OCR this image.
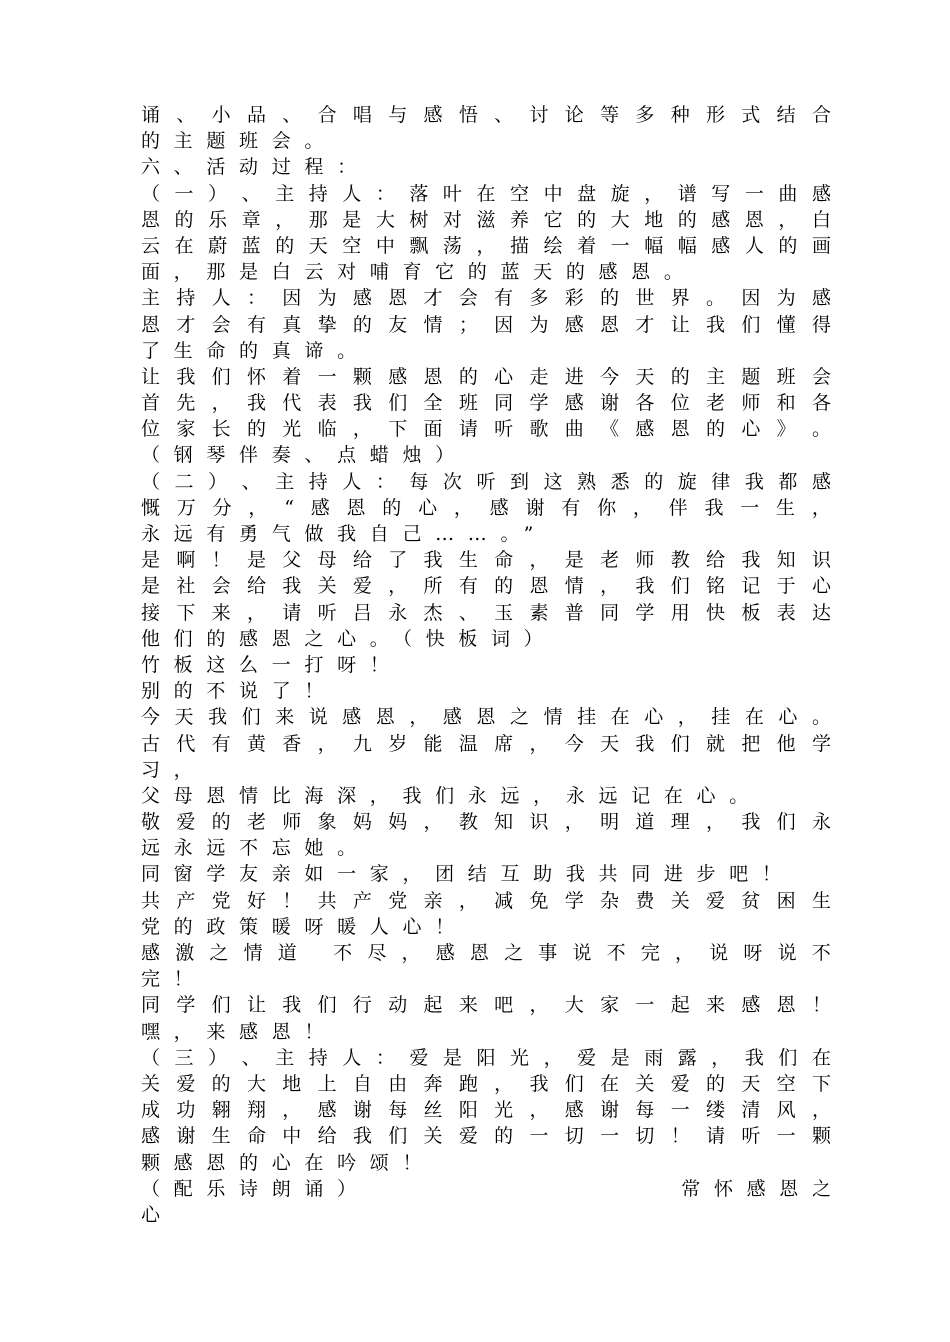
诵 、 小 品 、 合 唱 与 感 悟 、 讨 论 等 多 种 形 式 结 合
的主题班会。
六、活动过程：
（ 一 ） 、 主 持 人 ： 落 叶 在 空 中 盘 旋 ， 谱 写 一 曲 感
恩 的 乐 章 ， 那 是 大 树 对 滋 养 它 的 大 地 的 感 恩 ， 白
云 在 蔚 蓝 的 天 空 中 飘 荡 ， 描 绘 着 一 幅 幅 感 人 的 画
面，那是白云对哺育它的蓝天的感恩。
主 持 人 ： 因 为 感 恩 才 会 有 多 彩 的 世 界 。 因 为 感
恩 才 会 有 真 挚 的 友 情 ； 因 为 感 恩 才 让 我 们 懂 得
了生命的真谛。
让 我 们 怀 着 一 颗 感 恩 的 心 走 进 今 天 的 主 题 班 会
首 先 ， 我 代 表 我 们 全 班 同 学 感 谢 各 位 老 师 和 各
位 家 长 的 光 临 ， 下 面 请 听 歌 曲 《 感 恩 的 心 》 。
（钢琴伴奏、点蜡烛）
（ 二 ） 、 主 持 人 ： 每 次 听 到 这 熟 悉 的 旋 律 我 都 感
慨 万 分 ， “ 感 恩 的 心 ， 感 谢 有 你 ， 伴 我 一 生 ，
永远有勇气做我自己……。”
是 啊 ！ 是 父 母 给 了 我 生 命 ， 是 老 师 教 给 我 知 识
是 社 会 给 我 关 爱 ， 所 有 的 恩 情 ， 我 们 铭 记 于 心
接 下 来 ， 请 听 吕 永 杰 、 玉 素 普 同 学 用 快 板 表 达
他们的感恩之心。（快板词）
竹板这么一打呀！
别的不说了！
今 天 我 们 来 说 感 恩 ， 感 恩 之 情 挂 在 心 ， 挂 在 心 。
古 代 有 黄 香 ， 九 岁 能 温 席 ， 今 天 我 们 就 把 他 学
习，
父母恩情比海深，我们永远，永远记在心。
敬 爱 的 老 师 象 妈 妈 ， 教 知 识 ， 明 道 理 ， 我 们 永
远永远不忘她。
同窗学友亲如一家，团结互助我共同进步吧！
共 产 党 好 ！ 共 产 党 亲 ， 减 免 学 杂 费 关 爱 贫 困 生
党的政策暖呀暖人心！
感 激 之 情 道
不 尽 ， 感 恩 之 事 说 不 完 ， 说 呀 说 不
完！
同 学 们 让 我 们 行 动 起 来 吧 ， 大 家 一 起 来 感 恩 ！
嘿，来感恩！
（ 三 ） 、 主 持 人 ： 爱 是 阳 光 ， 爱 是 雨 露 ， 我 们 在
关 爱 的 大 地 上 自 由 奔 跑 ， 我 们 在 关 爱 的 天 空 下
成 功 翱 翔 ， 感 谢 每 丝 阳 光 ， 感 谢 每 一 缕 清 风 ，
感 谢 生 命 中 给 我 们 关 爱 的 一 切 一 切 ！ 请 听 一 颗
颗感恩的心在吟颂！
（配乐诗朗诵）	常怀感恩之
心
